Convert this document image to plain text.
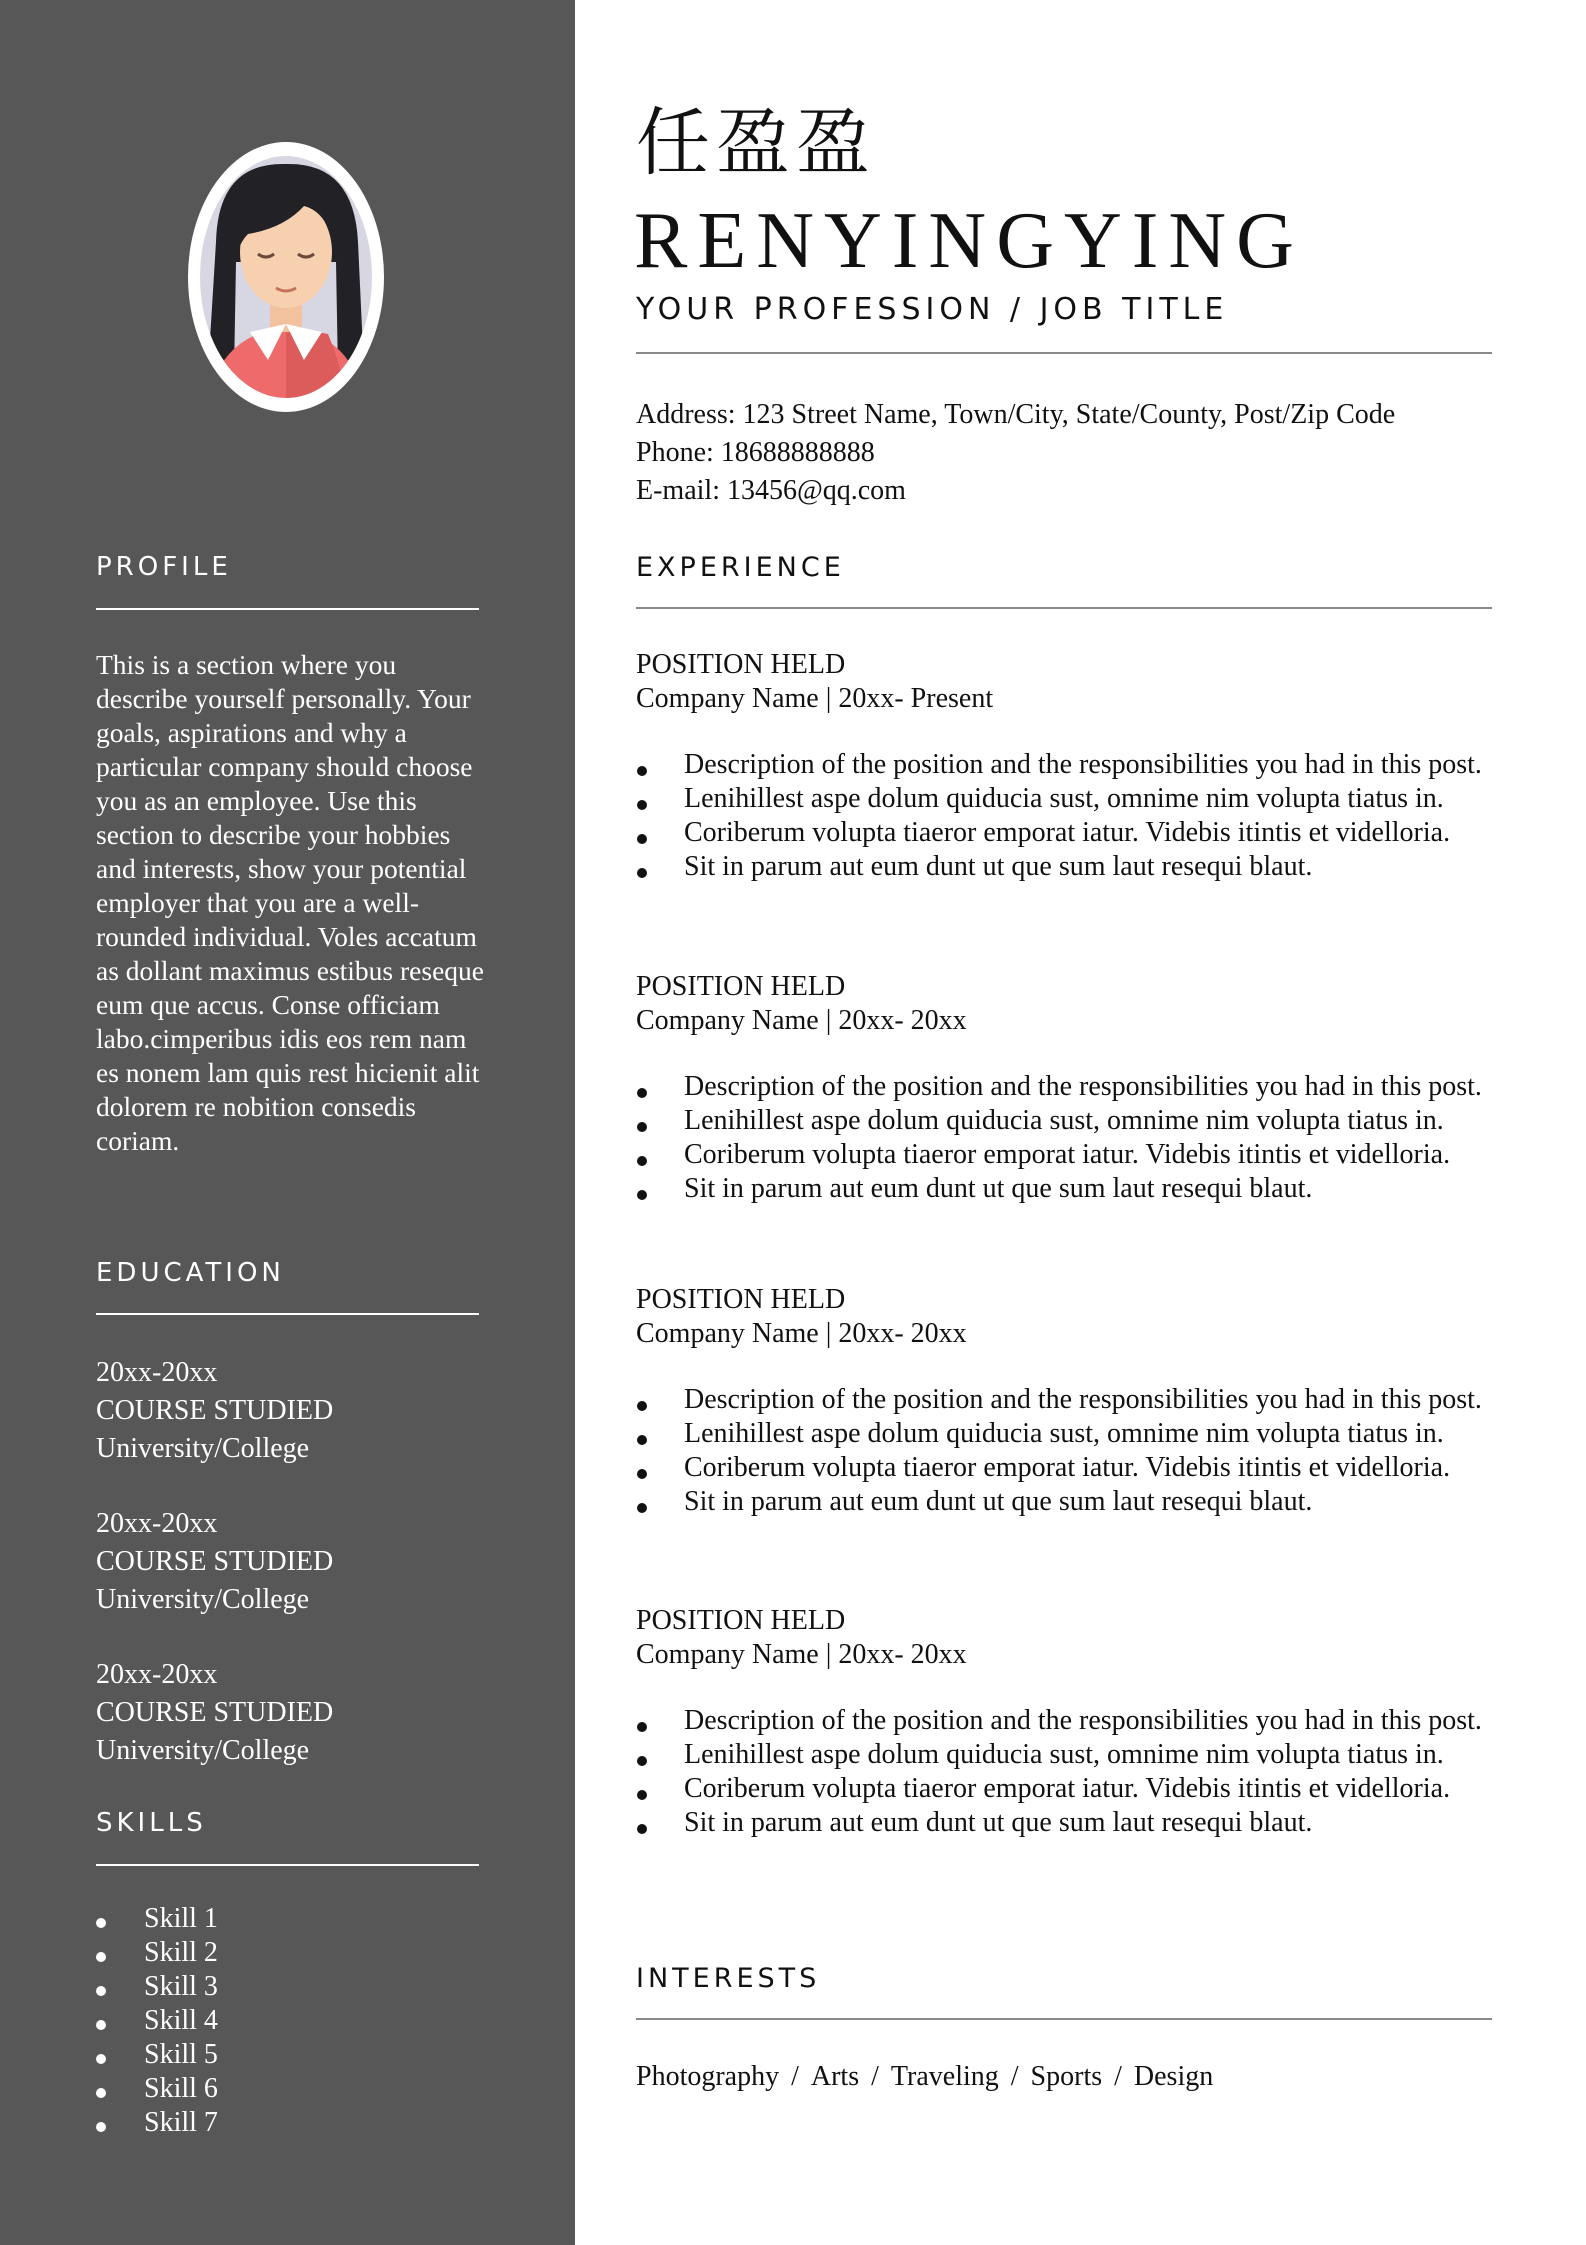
PROFILE
This is a section where you describe yourself personally. Your goals, aspirations and why a particular company should choose you as an employee. Use this section to describe your hobbies and interests, show your potential employer that you are a well-rounded individual. Voles accatum as dollant maximus estibus reseque eum que accus. Conse officiam labo.cimperibus idis eos rem nam es nonem lam quis rest hicienit alit dolorem re nobition consedis coriam.
EDUCATION
20xx-20xx
COURSE STUDIED
University/College
20xx-20xx
COURSE STUDIED
University/College
20xx-20xx
COURSE STUDIED
University/College
SKILLS
Skill 1
Skill 2
Skill 3
Skill 4
Skill 5
Skill 6
Skill 7
任盈盈
RENYINGYING
YOUR PROFESSION / JOB TITLE
Address: 123 Street Name, Town/City, State/County, Post/Zip Code
Phone: 18688888888
E-mail: 13456@qq.com
EXPERIENCE
POSITION HELD
Company Name | 20xx- Present
Description of the position and the responsibilities you had in this post.
Lenihillest aspe dolum quiducia sust, omnime nim volupta tiatus in.
Coriberum volupta tiaeror emporat iatur. Videbis itintis et videlloria.
Sit in parum aut eum dunt ut que sum laut resequi blaut.
POSITION HELD
Company Name | 20xx- 20xx
Description of the position and the responsibilities you had in this post.
Lenihillest aspe dolum quiducia sust, omnime nim volupta tiatus in.
Coriberum volupta tiaeror emporat iatur. Videbis itintis et videlloria.
Sit in parum aut eum dunt ut que sum laut resequi blaut.
POSITION HELD
Company Name | 20xx- 20xx
Description of the position and the responsibilities you had in this post.
Lenihillest aspe dolum quiducia sust, omnime nim volupta tiatus in.
Coriberum volupta tiaeror emporat iatur. Videbis itintis et videlloria.
Sit in parum aut eum dunt ut que sum laut resequi blaut.
POSITION HELD
Company Name | 20xx- 20xx
Description of the position and the responsibilities you had in this post.
Lenihillest aspe dolum quiducia sust, omnime nim volupta tiatus in.
Coriberum volupta tiaeror emporat iatur. Videbis itintis et videlloria.
Sit in parum aut eum dunt ut que sum laut resequi blaut.
INTERESTS
Photography / Arts / Traveling / Sports / Design
